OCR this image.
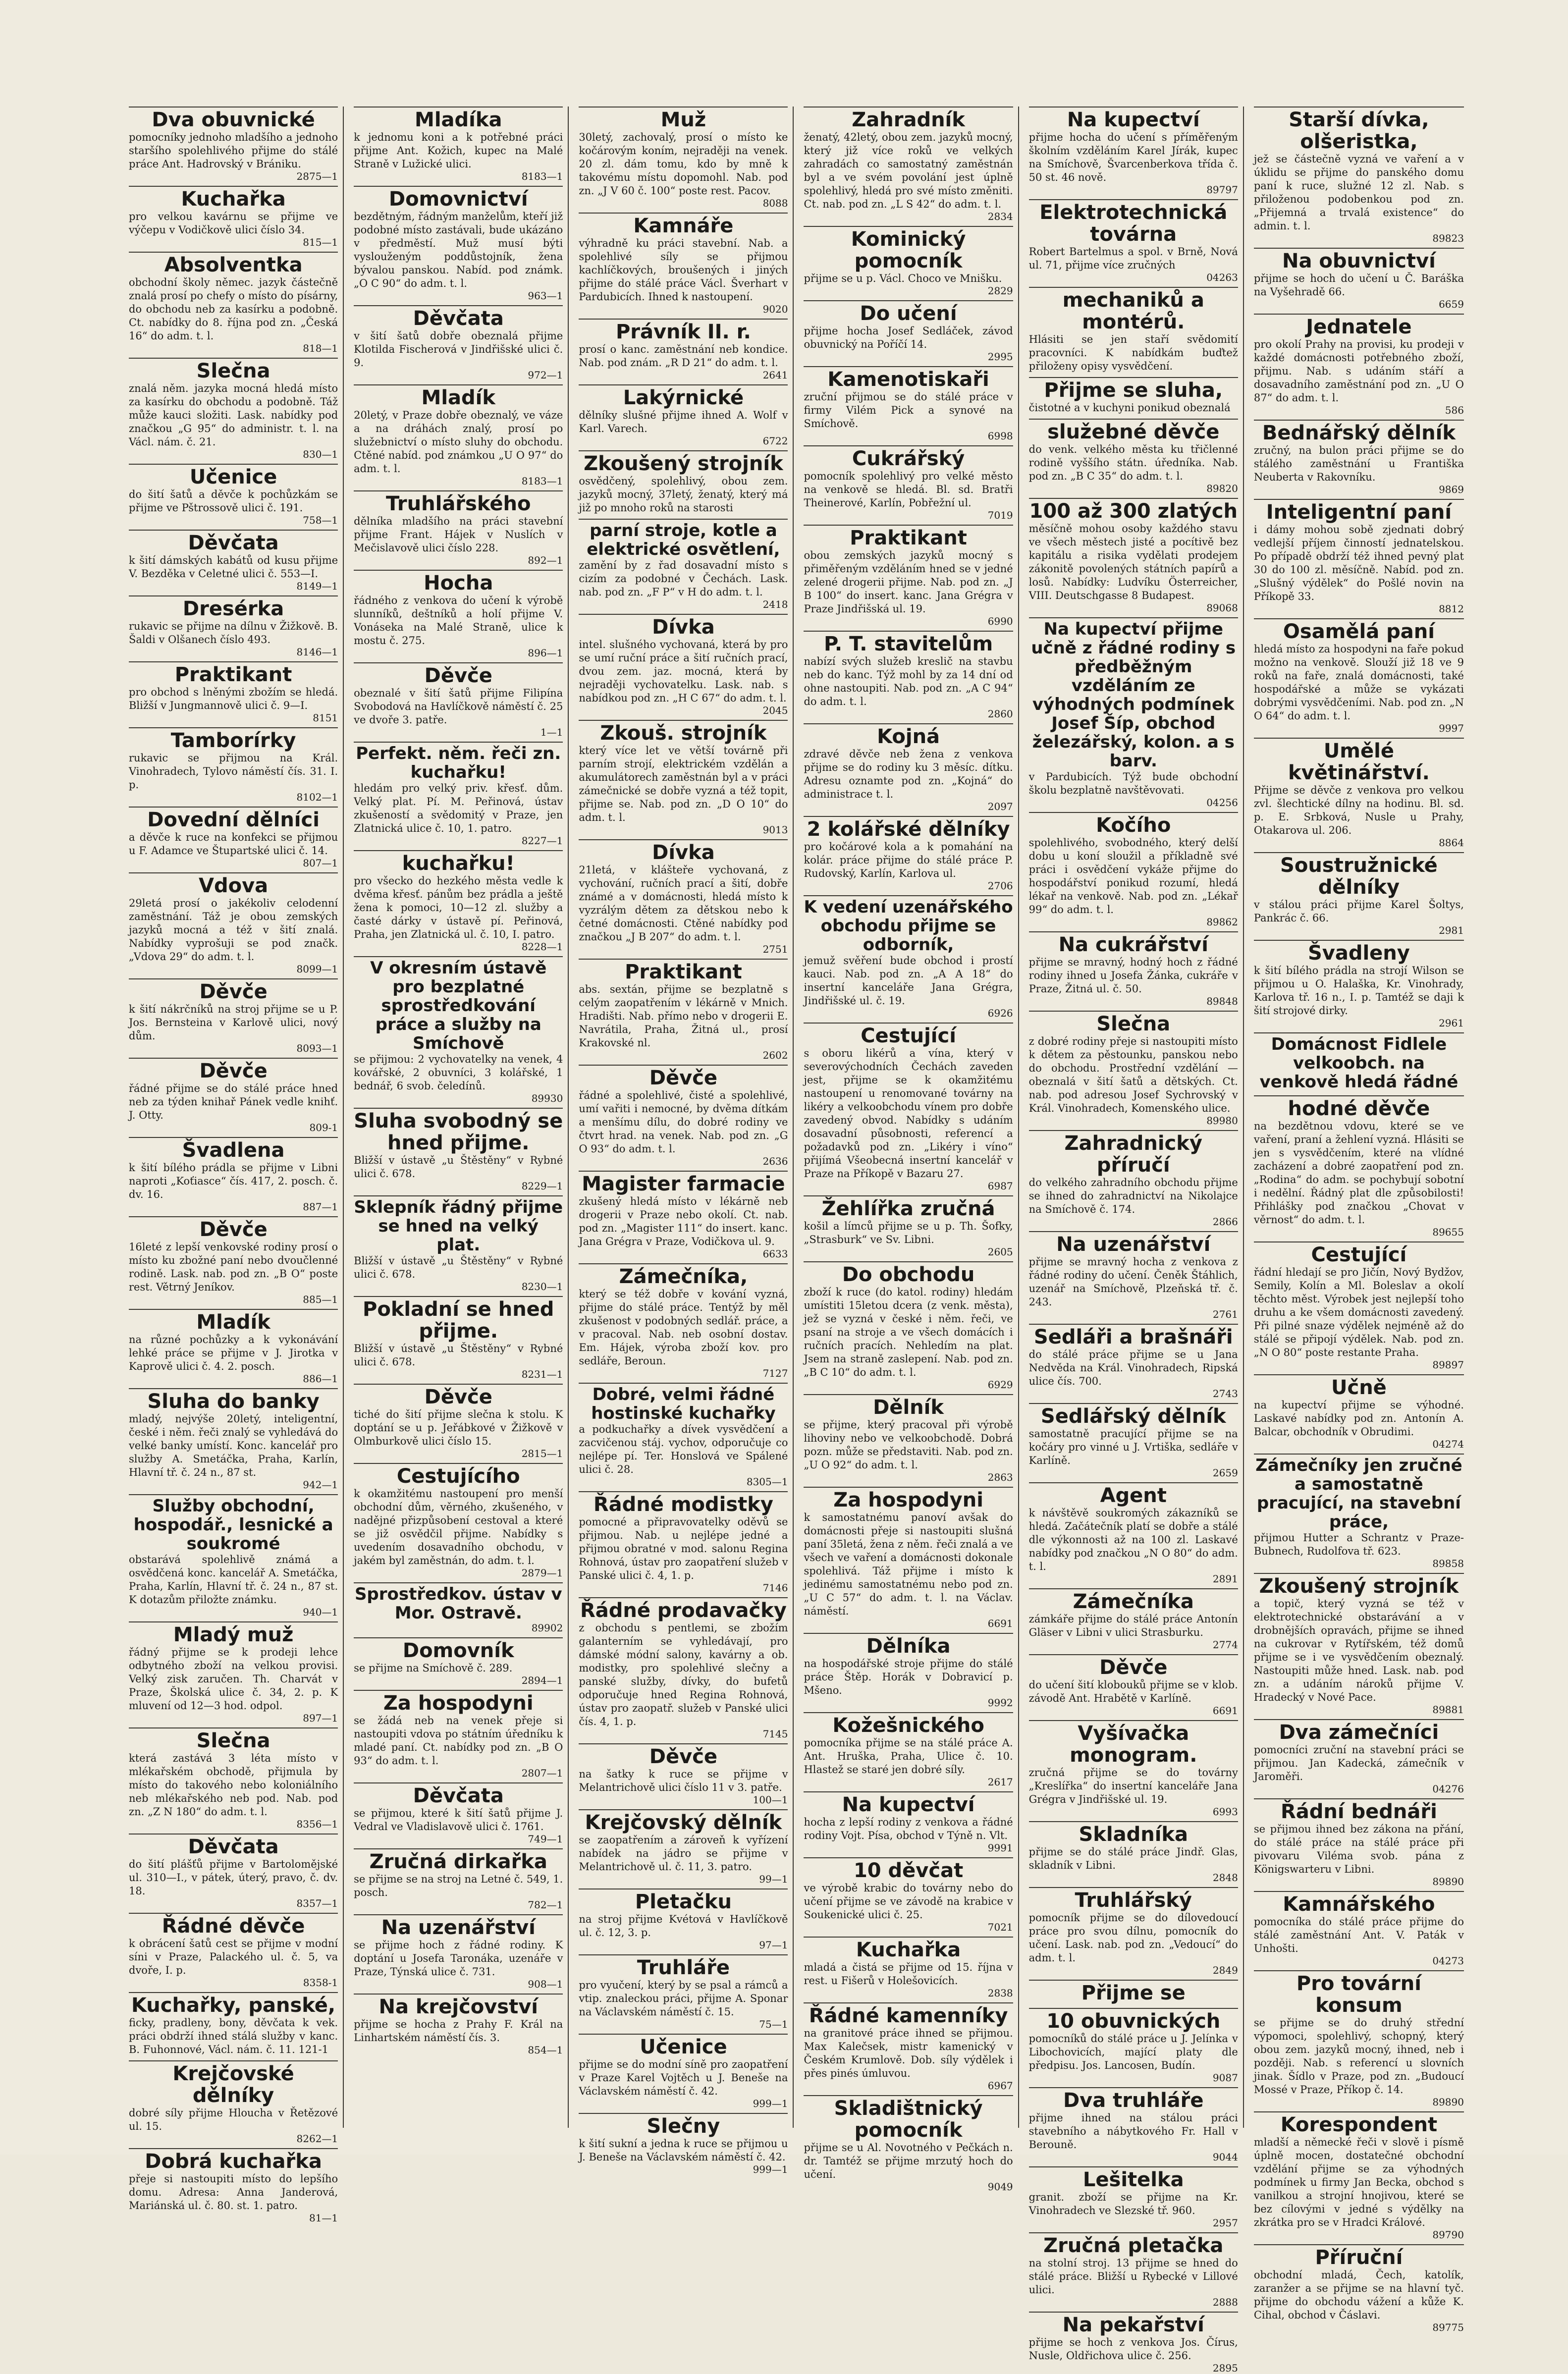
Dva obuvnické

pomocníky jednoho mladšího a jednoho staršího spolehlivého přijme do stálé práce Ant. Hadrovský v Brániku.

2875—1

Kuchařka

pro velkou kavárnu se přijme ve výčepu v Vodičkově ulici číslo 34.

815—1

Absolventka

obchodní školy němec. jazyk částečně znalá prosí po chefy o místo do písárny, do obchodu neb za kasírku a podobně. Ct. nabídky do 8. října pod zn. „Česká 16“ do adm. t. l.

818—1

Slečna

znalá něm. jazyka mocná hledá místo za kasírku do obchodu a podobně. Táž může kauci složiti. Lask. nabídky pod značkou „G 95“ do administr. t. l. na Václ. nám. č. 21.

830—1

Učenice

do šití šatů a děvče k pochůzkám se přijme ve Pštrossově ulici č. 191.

758—1

Děvčata

k šití dámských kabátů od kusu přijme V. Bezděka v Celetné ulici č. 553—I.

8149—1

Dresérka

rukavic se přijme na dílnu v Žižkově. B. Šaldi v Olšanech číslo 493.

8146—1

Praktikant

pro obchod s lněnými zbožím se hledá. Bližší v Jungmannově ulici č. 9—I.

8151

Tamborírky

rukavic se přijmou na Král. Vinohradech, Tylovo náměstí čís. 31. I. p.

8102—1

Dovední dělníci

a děvče k ruce na konfekci se přijmou u F. Adamce ve Štupartské ulici č. 14.

807—1

Vdova

29letá prosí o jakékoliv celodenní zaměstnání. Táž je obou zemských jazyků mocná a též v šití znalá. Nabídky vyprošuji se pod značk. „Vdova 29“ do adm. t. l.

8099—1

Děvče

k šití nákrčníků na stroj přijme se u P. Jos. Bernsteina v Karlově ulici, nový dům.

8093—1

Děvče

řádné přijme se do stálé práce hned neb za týden knihař Pánek vedle knihť. J. Otty.

809-1

Švadlena

k šití bílého prádla se přijme v Libni naproti „Koťiasce“ čís. 417, 2. posch. č. dv. 16.

887—1

Děvče

16leté z lepší venkovské rodiny prosí o místo ku zbožné paní nebo dvoučlenné rodině. Lask. nab. pod zn. „B O“ poste rest. Větrný Jeníkov.

885—1

Mladík

na různé pochůzky a k vykonávání lehké práce se přijme v J. Jirotka v Kaprově ulici č. 4. 2. posch.

886—1

Sluha do banky

mladý, nejvýše 20letý, inteligentní, české i něm. řeči znalý se vyhledává do velké banky umístí. Konc. kancelář pro služby A. Smetáčka, Praha, Karlín, Hlavní tř. č. 24 n., 87 st.

942—1

Služby obchodní, hospodář., lesnické a soukromé

obstarává spolehlivě známá a osvědčená konc. kancelář A. Smetáčka, Praha, Karlín, Hlavní tř. č. 24 n., 87 st. K dotazům přiložte známku.

940—1

Mladý muž

řádný přijme se k prodeji lehce odbytného zboží na velkou provisi. Velký zisk zaručen. Th. Charvát v Praze, Školská ulice č. 34, 2. p. K mluvení od 12—3 hod. odpol.

897—1

Slečna

která zastává 3 léta místo v mlékařském obchodě, přijmula by místo do takového nebo koloniálního neb mlékařského neb pod. Nab. pod zn. „Z N 180“ do adm. t. l.

8356—1

Děvčata

do šití plášťů přijme v Bartolomějské ul. 310—I., v pátek, úterý, pravo, č. dv. 18.

8357—1

Řádné děvče

k obrácení šatů cest se přijme v modní síni v Praze, Palackého ul. č. 5, va dvoře, I. p.

8358-1

Kuchařky, panské,

ficky, pradleny, bony, děvčata k vek. práci obdrží ihned stálá služby v kanc. B. Fuhonnové, Václ. nám. č. 11. 121-1

Krejčovské dělníky

dobré síly přijme Hloucha v Řetězové ul. 15.

8262—1

Dobrá kuchařka

přeje si nastoupiti místo do lepšího domu. Adresa: Anna Janderová, Mariánská ul. č. 80. st. 1. patro.

81—1

Mladíka

k jednomu koni a k potřebné práci přijme Ant. Kožich, kupec na Malé Straně v Lužické ulici.

8183—1

Domovnictví

bezdětným, řádným manželům, kteří již podobné místo zastávali, bude ukázáno v předměstí. Muž musí býti vyslouženým poddůstojník, žena bývalou panskou. Nabíd. pod známk. „O C 90“ do adm. t. l.

963—1

Děvčata

v šití šatů dobře obeznalá přijme Klotilda Fischerová v Jindřišské ulici č. 9.

972—1

Mladík

20letý, v Praze dobře obeznalý, ve váze a na dráhách znalý, prosí po služebnictví o místo sluhy do obchodu. Ctěné nabíd. pod známkou „U O 97“ do adm. t. l.

8183—1

Truhlářského

dělníka mladšího na práci stavební přijme Frant. Hájek v Nuslích v Mečislavově ulici číslo 228.

892—1

Hocha

řádného z venkova do učení k výrobě slunníků, deštníků a holí přijme V. Vonáseka na Malé Straně, ulice k mostu č. 275.

896—1

Děvče

obeznalé v šití šatů přijme Filipína Svobodová na Havlíčkově náměstí č. 25 ve dvoře 3. patře.

1—1

Perfekt. něm. řeči zn. kuchařku!

hledám pro velký priv. křesť. dům. Velký plat. Pí. M. Peřinová, ústav zkušeností a svědomitý v Praze, jen Zlatnická ulice č. 10, 1. patro.

8227—1

kuchařku!

pro všecko do hezkého města vedle k dvěma křesť. pánům bez prádla a ještě žena k pomoci, 10—12 zl. služby a časté dárky v ústavě pí. Peřinová, Praha, jen Zlatnická ul. č. 10, I. patro.

8228—1

V okresním ústavě pro bezplatné sprostředkování práce a služby na Smíchově

se přijmou: 2 vychovatelky na venek, 4 kovářské, 2 obuvníci, 3 kolářské, 1 bednář, 6 svob. čeledínů.

89930

Sluha svobodný se hned přijme.

Bližší v ústavě „u Štěstěny“ v Rybné ulici č. 678.

8229—1

Sklepník řádný přijme se hned na velký plat.

Bližší v ústavě „u Štěstěny“ v Rybné ulici č. 678.

8230—1

Pokladní se hned přijme.

Bližší v ústavě „u Štěstěny“ v Rybné ulici č. 678.

8231—1

Děvče

tiché do šití přijme slečna k stolu. K doptání se u p. Jeřábkové v Žižkově v Olmburkově ulici číslo 15.

2815—1

Cestujícího

k okamžitému nastoupení pro menší obchodní dům, věrného, zkušeného, v nadějné přizpůsobení cestoval a které se již osvědčil přijme. Nabídky s uvedením dosavadního obchodu, v jakém byl zaměstnán, do adm. t. l.

2879—1

Sprostředkov. ústav v Mor. Ostravě.

89902

Domovník

se přijme na Smíchově č. 289.

2894—1

Za hospodyni

se žádá neb na venek přeje si nastoupiti vdova po státním úředníku k mladé paní. Ct. nabídky pod zn. „B O 93“ do adm. t. l.

2807—1

Děvčata

se přijmou, které k šití šatů přijme J. Vedral ve Vladislavově ulici č. 1761.

749—1

Zručná dirkařka

se přijme se na stroj na Letné č. 549, 1. posch.

782—1

Na uzenářství

se přijme hoch z řádné rodiny. K doptání u Josefa Taronáka, uzenáře v Praze, Týnská ulice č. 731.

908—1

Na krejčovství

přijme se hocha z Prahy F. Král na Linhartském náměstí čís. 3.

854—1

Muž

30letý, zachovalý, prosí o místo ke kočárovým koním, nejraději na venek. 20 zl. dám tomu, kdo by mně k takovému místu dopomohl. Nab. pod zn. „J V 60 č. 100“ poste rest. Pacov.

8088

Kamnáře

výhradně ku práci stavební. Nab. a spolehlivé síly se přijmou kachlíčkových, broušených i jiných přijme do stálé práce Václ. Šverhart v Pardubicích. Ihned k nastoupení.

9020

Právník II. r.

prosí o kanc. zaměstnání neb kondice. Nab. pod znám. „R D 21“ do adm. t. l.

2641

Lakýrnické

dělníky slušné přijme ihned A. Wolf v Karl. Varech.

6722

Zkoušený strojník

osvědčený, spolehlivý, obou zem. jazyků mocný, 37letý, ženatý, který má již po mnoho roků na starosti

parní stroje, kotle a elektrické osvětlení,

zamění by z řad dosavadní místo s cizím za podobné v Čechách. Lask. nab. pod zn. „F P“ v H do adm. t. l.

2418

Dívka

intel. slušného vychovaná, která by pro se umí ruční práce a šití ručních prací, dvou zem. jaz. mocná, která by nejraději vychovatelku. Lask. nab. s nabídkou pod zn. „H C 67“ do adm. t. l.

2045

Zkouš. strojník

který více let ve větší továrně při parním strojí, elektrickém vzdělán a akumulátorech zaměstnán byl a v práci zámečnické se dobře vyzná a též topit, přijme se. Nab. pod zn. „D O 10“ do adm. t. l.

9013

Dívka

21letá, v klášteře vychovaná, z vychování, ručních prací a šití, dobře známé a v domácnosti, hledá místo k vyzrálým dětem za dětskou nebo k četné domácnosti. Ctěné nabídky pod značkou „J B 207“ do adm. t. l.

2751

Praktikant

abs. sextán, přijme se bezplatně s celým zaopatřením v lékárně v Mnich. Hradišti. Nab. přímo nebo v drogerii E. Navrátila, Praha, Žitná ul., prosí Krakovské nl.

2602

Děvče

řádné a spolehlivé, čisté a spolehlivé, umí vařiti i nemocné, by dvěma dítkám a menšímu dílu, do dobré rodiny ve čtvrt hrad. na venek. Nab. pod zn. „G O 93“ do adm. t. l.

2636

Magister farmacie

zkušený hledá místo v lékárně neb drogerii v Praze nebo okolí. Ct. nab. pod zn. „Magister 111“ do insert. kanc. Jana Grégra v Praze, Vodičkova ul. 9.

6633

Zámečníka,

který se též dobře v kování vyzná, přijme do stálé práce. Tentýž by měl zkušenost v podobných sedlář. práce, a v pracoval. Nab. neb osobní dostav. Em. Hájek, výroba zboží kov. pro sedláře, Beroun.

7127

Dobré, velmi řádné hostinské kuchařky

a podkuchařky a dívek vysvědčení a zacvičenou stáj. vychov, odporučuje co nejlépe pí. Ter. Honslová ve Spálené ulici č. 28.

8305—1

Řádné modistky

pomocné a připravovatelky oděvů se přijmou. Nab. u nejlépe jedné a přijmou obratné v mod. salonu Regina Rohnová, ústav pro zaopatření služeb v Panské ulici č. 4, 1. p.

7146

Řádné prodavačky

z obchodu s pentlemi, se zbožím galanterním se vyhledávají, pro dámské módní salony, kavárny a ob. modistky, pro spolehlivé slečny a panské služby, dívky, do bufetů odporučuje hned Regina Rohnová, ústav pro zaopatř. služeb v Panské ulici čís. 4, 1. p.

7145

Děvče

na šatky k ruce se přijme v Melantrichově ulici číslo 11 v 3. patře.

100—1

Krejčovský dělník

se zaopatřením a zároveň k vyřízení nabídek na jádro se přijme v Melantrichově ul. č. 11, 3. patro.

99—1

Pletačku

na stroj přijme Kvétová v Havlíčkově ul. č. 12, 3. p.

97—1

Truhláře

pro vyučení, který by se psal a rámců a vtip. znaleckou práci, přijme A. Sponar na Václavském náměstí č. 15.

75—1

Učenice

přijme se do modní síně pro zaopatření v Praze Karel Vojtěch u J. Beneše na Václavském náměstí č. 42.

999—1

Slečny

k šití sukní a jedna k ruce se přijmou u J. Beneše na Václavském náměstí č. 42.

999—1

Zahradník

ženatý, 42letý, obou zem. jazyků mocný, který již více roků ve velkých zahradách co samostatný zaměstnán byl a ve svém povolání jest úplně spolehlivý, hledá pro své místo změniti. Ct. nab. pod zn. „L S 42“ do adm. t. l.

2834

Kominický pomocník

přijme se u p. Václ. Choco ve Mnišku.

2829

Do učení

přijme hocha Josef Sedláček, závod obuvnický na Poříčí 14.

2995

Kamenotiskaři

zruční přijmou se do stálé práce v firmy Vilém Pick a synové na Smíchově.

6998

Cukrářský

pomocník spolehlivý pro velké město na venkově se hledá. Bl. sd. Bratři Theinerové, Karlín, Pobřežní ul.

7019

Praktikant

obou zemských jazyků mocný s přiměřeným vzděláním hned se v jedné zelené drogerii přijme. Nab. pod zn. „J B 100“ do insert. kanc. Jana Grégra v Praze Jindřišská ul. 19.

6990

P. T. stavitelům

nabízí svých služeb kreslič na stavbu neb do kanc. Týž mohl by za 14 dní od ohne nastoupiti. Nab. pod zn. „A C 94“ do adm. t. l.

2860

Kojná

zdravé děvče neb žena z venkova přijme se do rodiny ku 3 měsíc. dítku. Adresu oznamte pod zn. „Kojná“ do administrace t. l.

2097

2 kolářské dělníky

pro kočárové kola a k pomahání na kolár. práce přijme do stálé práce P. Rudovský, Karlín, Karlova ul.

2706

K vedení uzenářského obchodu přijme se odborník,

jemuž svěření bude obchod i prostí kauci. Nab. pod zn. „A A 18“ do insertní kanceláře Jana Grégra, Jindřišské ul. č. 19.

6926

Cestující

s oboru likérů a vína, který v severovýchodních Čechách zaveden jest, přijme se k okamžitému nastoupení u renomované továrny na likéry a velkoobchodu vínem pro dobře zavedený obvod. Nabídky s udáním dosavadní působnosti, referencí a požadavků pod zn. „Likéry i víno“ přijímá Všeobecná insertní kancelář v Praze na Příkopě v Bazaru 27.

6987

Žehlířka zručná

košil a límců přijme se u p. Th. Šofky, „Strasburk“ ve Sv. Libni.

2605

Do obchodu

zboží k ruce (do katol. rodiny) hledám umístiti 15letou dcera (z venk. města), jež se vyzná v české i něm. řeči, ve psaní na stroje a ve všech domácích i ručních pracích. Nehledím na plat. Jsem na straně zaslepení. Nab. pod zn. „B C 10“ do adm. t. l.

6929

Dělník

se přijme, který pracoval při výrobě lihoviny nebo ve velkoobchodě. Dobrá pozn. může se představiti. Nab. pod zn. „U O 92“ do adm. t. l.

2863

Za hospodyni

k samostatnému panoví avšak do domácnosti přeje si nastoupiti slušná paní 35letá, žena z něm. řeči znalá a ve všech ve vaření a domácnosti dokonale spolehlivá. Táž přijme i místo k jedinému samostatnému nebo pod zn. „U C 57“ do adm. t. l. na Václav. náměstí.

6691

Dělníka

na hospodářské stroje přijme do stálé práce Štěp. Horák v Dobravicí p. Mšeno.

9992

Kožešnického

pomocníka přijme se na stálé práce A. Ant. Hruška, Praha, Ulice č. 10. Hlastež se staré jen dobré síly.

2617

Na kupectví

hocha z lepší rodiny z venkova a řádné rodiny Vojt. Písa, obchod v Týně n. Vlt.

9991

10 děvčat

ve výrobě krabic do továrny nebo do učení přijme se ve závodě na krabice v Soukenické ulici č. 25.

7021

Kuchařka

mladá a čistá se přijme od 15. října v rest. u Fišerů v Holešovicích.

2838

Řádné kamenníky

na granitové práce ihned se přijmou. Max Kalečsek, mistr kamenický v Českém Krumlově. Dob. síly výdělek i přes pinés úmluvou.

6967

Skladištnický pomocník

přijme se u Al. Novotného v Pečkách n. dr. Tamtéž se přijme mrzutý hoch do učení.

9049

Na kupectví

přijme hocha do učení s příměřeným školním vzděláním Karel Jírák, kupec na Smíchově, Švarcenberkova třída č. 50 st. 46 nově.

89797

Elektrotechnická továrna

Robert Bartelmus a spol. v Brně, Nová ul. 71, přijme více zručných

04263

mechaniků a montérů.

Hlásiti se jen staří svědomití pracovníci. K nabídkám buďtež přiloženy opisy vysvědčení.

Přijme se sluha,

čistotné a v kuchyni ponikud obeznalá

služebné děvče

do venk. velkého města ku třičlenné rodině vyššího státn. úředníka. Nab. pod zn. „B C 35“ do adm. t. l.

89820

100 až 300 zlatých

měsíčně mohou osoby každého stavu ve všech městech jisté a pocítivě bez kapitálu a risika vydělati prodejem zákonitě povolených státních papírů a losů. Nabídky: Ludvíku Österreicher, VIII. Deutschgasse 8 Budapest.

89068

Na kupectví přijme učně z řádné rodiny s předběžným vzděláním ze výhodných podmínek Josef Šíp, obchod železářský, kolon. a s barv.

v Pardubicích. Týž bude obchodní školu bezplatně navštěvovati.

04256

Kočího

spolehlivého, svobodného, který delší dobu u koní sloužil a příkladně své práci i osvědčení vykáže přijme do hospodářství ponikud rozumí, hledá lékař na venkově. Nab. pod zn. „Lékař 99“ do adm. t. l.

89862

Na cukrářství

přijme se mravný, hodný hoch z řádné rodiny ihned u Josefa Žánka, cukráře v Praze, Žitná ul. č. 50.

89848

Slečna

z dobré rodiny přeje si nastoupiti místo k dětem za pěstounku, panskou nebo do obchodu. Prostřední vzdělání — obeznalá v šití šatů a dětských. Ct. nab. pod adresou Josef Sychrovský v Král. Vinohradech, Komenského ulice.

89980

Zahradnický příručí

do velkého zahradního obchodu přijme se ihned do zahradnictví na Nikolajce na Smíchově č. 174.

2866

Na uzenářství

přijme se mravný hocha z venkova z řádné rodiny do učení. Čeněk Štáhlich, uzenář na Smíchově, Plzeňská tř. č. 243.

2761

Sedláři a brašnáři

do stálé práce přijme se u Jana Nedvěda na Král. Vinohradech, Ripská ulice čís. 700.

2743

Sedlářský dělník

samostatně pracující přijme se na kočáry pro vinné u J. Vrtiška, sedláře v Karlíně.

2659

Agent

k návštěvě soukromých zákazníků se hledá. Začátečník platí se dobře a stálé dle výkonnosti až na 100 zl. Laskavé nabídky pod značkou „N O 80“ do adm. t. l.

2891

Zámečníka

zámkáře přijme do stálé práce Antonín Gläser v Libni v ulici Strasburku.

2774

Děvče

do učení šití klobouků přijme se v klob. závodě Ant. Hrabětě v Karlíně.

6691

Vyšívačka monogram.

zručná přijme se do továrny „Kreslířka“ do insertní kanceláře Jana Grégra v Jindřišské ul. 19.

6993

Skladníka

přijme se do stálé práce Jindř. Glas, skladník v Libni.

2848

Truhlářský

pomocník přijme se do dílovedoucí práce pro svou dílnu, pomocník do učení. Lask. nab. pod zn. „Vedoucí“ do adm. t. l.

2849

Přijme se

10 obuvnických

pomocníků do stálé práce u J. Jelínka v Libochovicích, mající platy dle předpisu. Jos. Lancosen, Budín.

9087

Dva truhláře

přijme ihned na stálou práci stavebního a nábytkového Fr. Hall v Berouně.

9044

Lešitelka

granit. zboží se přijme na Kr. Vinohradech ve Slezské tř. 960.

2957

Zručná pletačka

na stolní stroj. 13 přijme se hned do stálé práce. Bližší u Rybecké v Lillové ulici.

2888

Na pekařství

přijme se hoch z venkova Jos. Čírus, Nusle, Oldřichova ulice č. 256.

2895

Starší dívka, olšeristka,

jež se částečně vyzná ve vaření a v úklidu se přijme do panského domu paní k ruce, služné 12 zl. Nab. s přiloženou podobenkou pod zn. „Přijemná a trvalá existence“ do admin. t. l.

89823

Na obuvnictví

přijme se hoch do učení u Č. Baráška na Vyšehradě 66.

6659

Jednatele

pro okolí Prahy na provisi, ku prodeji v každé domácnosti potřebného zboží, přijmu. Nab. s udáním stáří a dosavadního zaměstnání pod zn. „U O 87“ do adm. t. l.

586

Bednářský dělník

zručný, na bulon práci přijme se do stálého zaměstnání u Františka Neuberta v Rakovníku.

9869

Inteligentní paní

i dámy mohou sobě zjednati dobrý vedlejší příjem činností jednatelskou. Po případě obdrží též ihned pevný plat 30 do 100 zl. měsíčně. Nabíd. pod zn. „Slušný výdělek“ do Pošlé novin na Příkopě 33.

8812

Osamělá paní

hledá místo za hospodyni na faře pokud možno na venkově. Slouží již 18 ve 9 roků na faře, znalá domácnosti, také hospodářské a může se vykázati dobrými vysvědčeními. Nab. pod zn. „N O 64“ do adm. t. l.

9997

Umělé květinářství.

Přijme se děvče z venkova pro velkou zvl. šlechtické dílny na hodinu. Bl. sd. p. E. Srbková, Nusle u Prahy, Otakarova ul. 206.

8864

Soustružnické dělníky

v stálou práci přijme Karel Šoltys, Pankrác č. 66.

2981

Švadleny

k šití bílého prádla na strojí Wilson se přijmou u O. Halaška, Kr. Vinohrady, Karlova tř. 16 n., I. p. Tamtéž se daji k šití strojové dirky.

2961

Domácnost Fidlele velkoobch. na venkově hledá řádné

hodné děvče

na bezdětnou vdovu, které se ve vaření, praní a žehlení vyzná. Hlásiti se jen s vysvědčením, které na vlídné zacházení a dobré zaopatření pod zn. „Rodina“ do adm. se pochybují sobotní i nedělní. Řádný plat dle způsobilosti! Přihlášky pod značkou „Chovat v věrnost“ do adm. t. l.

89655

Cestující

řádní hledají se pro Jičín, Nový Bydžov, Semily, Kolín a Ml. Boleslav a okolí těchto měst. Výrobek jest nejlepší toho druhu a ke všem domácnosti zavedený. Při pilné snaze výdělek nejméně až do stálé se připojí výdělek. Nab. pod zn. „N O 80“ poste restante Praha.

89897

Učně

na kupectví přijme se výhodné. Laskavé nabídky pod zn. Antonín A. Balcar, obchodník v Obrudimi.

04274

Zámečníky jen zručné a samostatně pracující, na stavební práce,

přijmou Hutter a Schrantz v Praze-Bubnech, Rudolfova tř. 623.

89858

Zkoušený strojník

a topič, který vyzná se též v elektrotechnické obstarávání a v drobnějších opravách, přijme se ihned na cukrovar v Rytířském, též domů přijme se i ve vysvědčením obeznalý. Nastoupiti může hned. Lask. nab. pod zn. a udáním nároků přijme V. Hradecký v Nové Pace.

89881

Dva zámečníci

pomocníci zruční na stavební práci se přijmou. Jan Kadecká, zámečník v Jaroměři.

04276

Řádní bednáři

se přijmou ihned bez zákona na přání, do stálé práce na stálé práce při pivovaru Viléma svob. pána z Königswarteru v Libni.

89890

Kamnářského

pomocníka do stálé práce přijme do stálé zaměstnání Ant. V. Paták v Unhošti.

04273

Pro tovární konsum

se přijme se do druhý střední výpomoci, spolehlivý, schopný, který obou zem. jazyků mocný, ihned, neb i později. Nab. s referencí u slovních jinak. Šídlo v Praze, pod zn. „Budoucí Mossé v Praze, Příkop č. 14.

89890

Korespondent

mladší a německé řeči v slově i písmě úplně mocen, dostatečné obchodní vzdělání přijme se za výhodných podmínek u firmy Jan Becka, obchod s vanilkou a strojní hnojivou, které se bez cílovými v jedné s výdělky na zkrátka pro se v Hradci Králové.

89790

Příruční

obchodní mladá, Čech, katolík, zaranžer a se přijme se na hlavní tyč. přijme do obchodu vážení a kůže K. Cihal, obchod v Čáslavi.

89775
